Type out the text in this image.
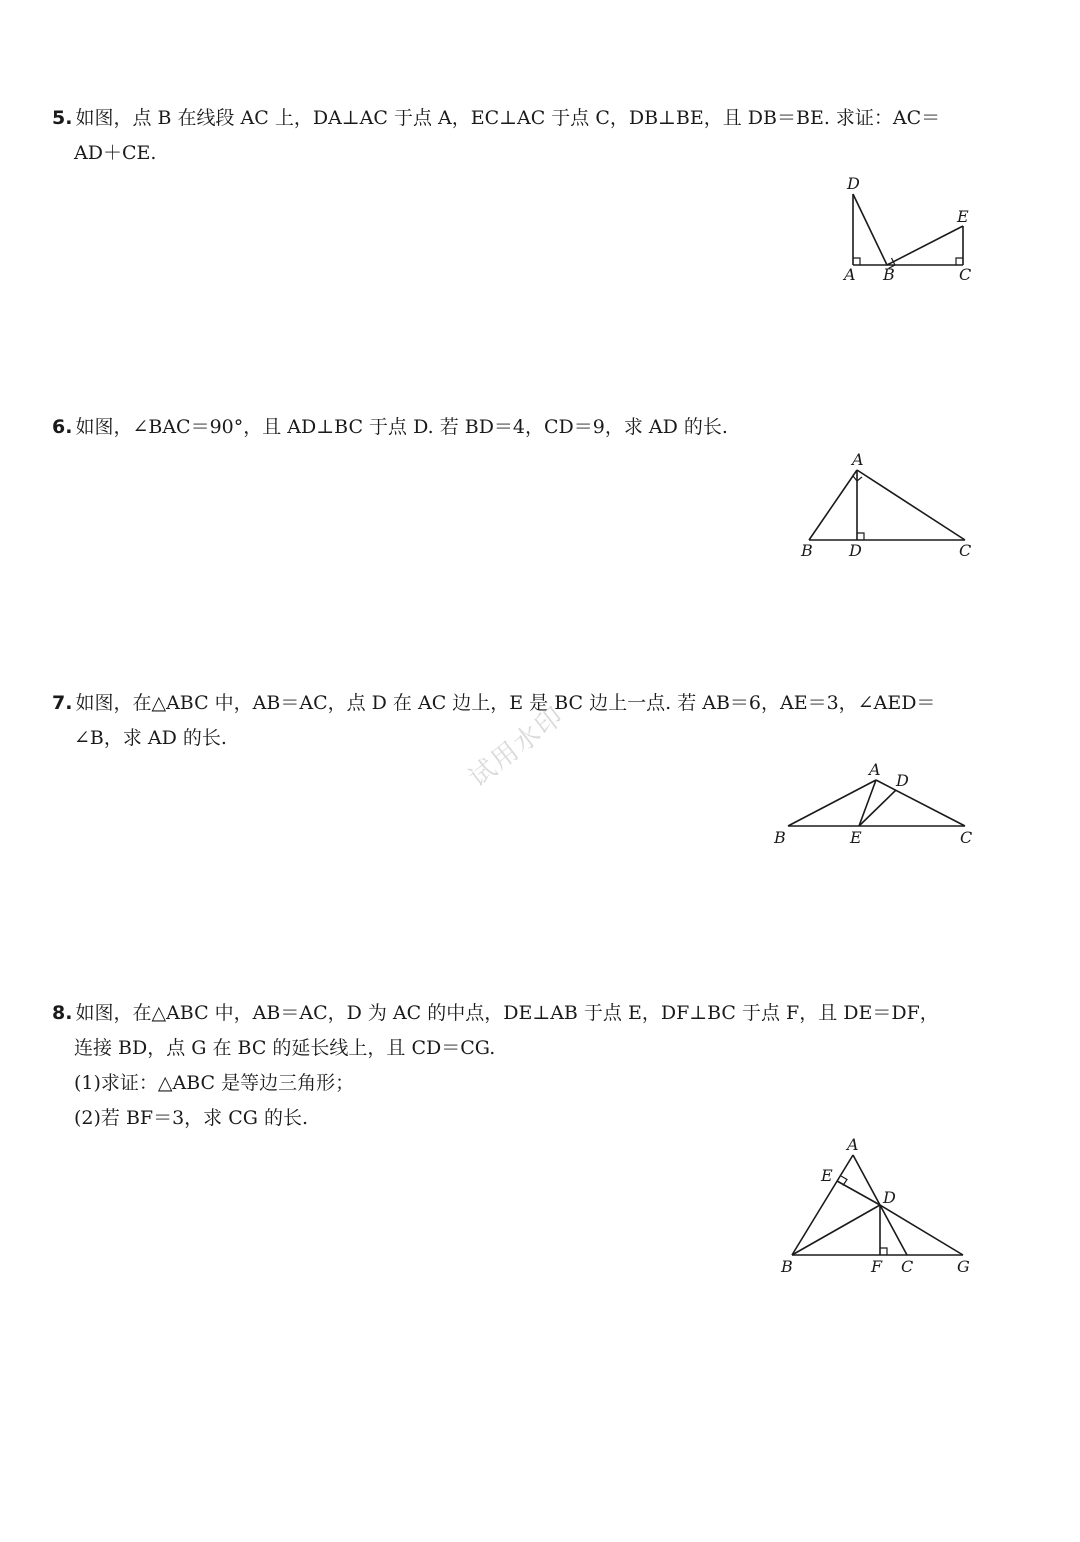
5. 如图，点 B 在线段 AC 上，DA⊥AC 于点 A，EC⊥AC 于点 C，DB⊥BE，且 DB＝BE. 求证：AC＝
AD＋CE.
D
E
A B	C
6. 如图，∠BAC＝90°，且 AD⊥BC 于点 D. 若 BD＝4，CD＝9，求 AD 的长.
A
B D	C
7. 如图，在△ABC 中，AB＝AC，点 D 在 AC 边上，E 是 BC 边上一点. 若 AB＝6，AE＝3，∠AED＝
∠B，求 AD 的长.	试用水印	A
D
B	E	C
8. 如图，在△ABC 中，AB＝AC，D 为 AC 的中点，DE⊥AB 于点 E，DF⊥BC 于点 F，且 DE＝DF，
连接 BD，点 G 在 BC 的延长线上，且 CD＝CG.
(1)求证：△ABC 是等边三角形；
(2)若 BF＝3，求 CG 的长.
A
E
D
B	F C	G
